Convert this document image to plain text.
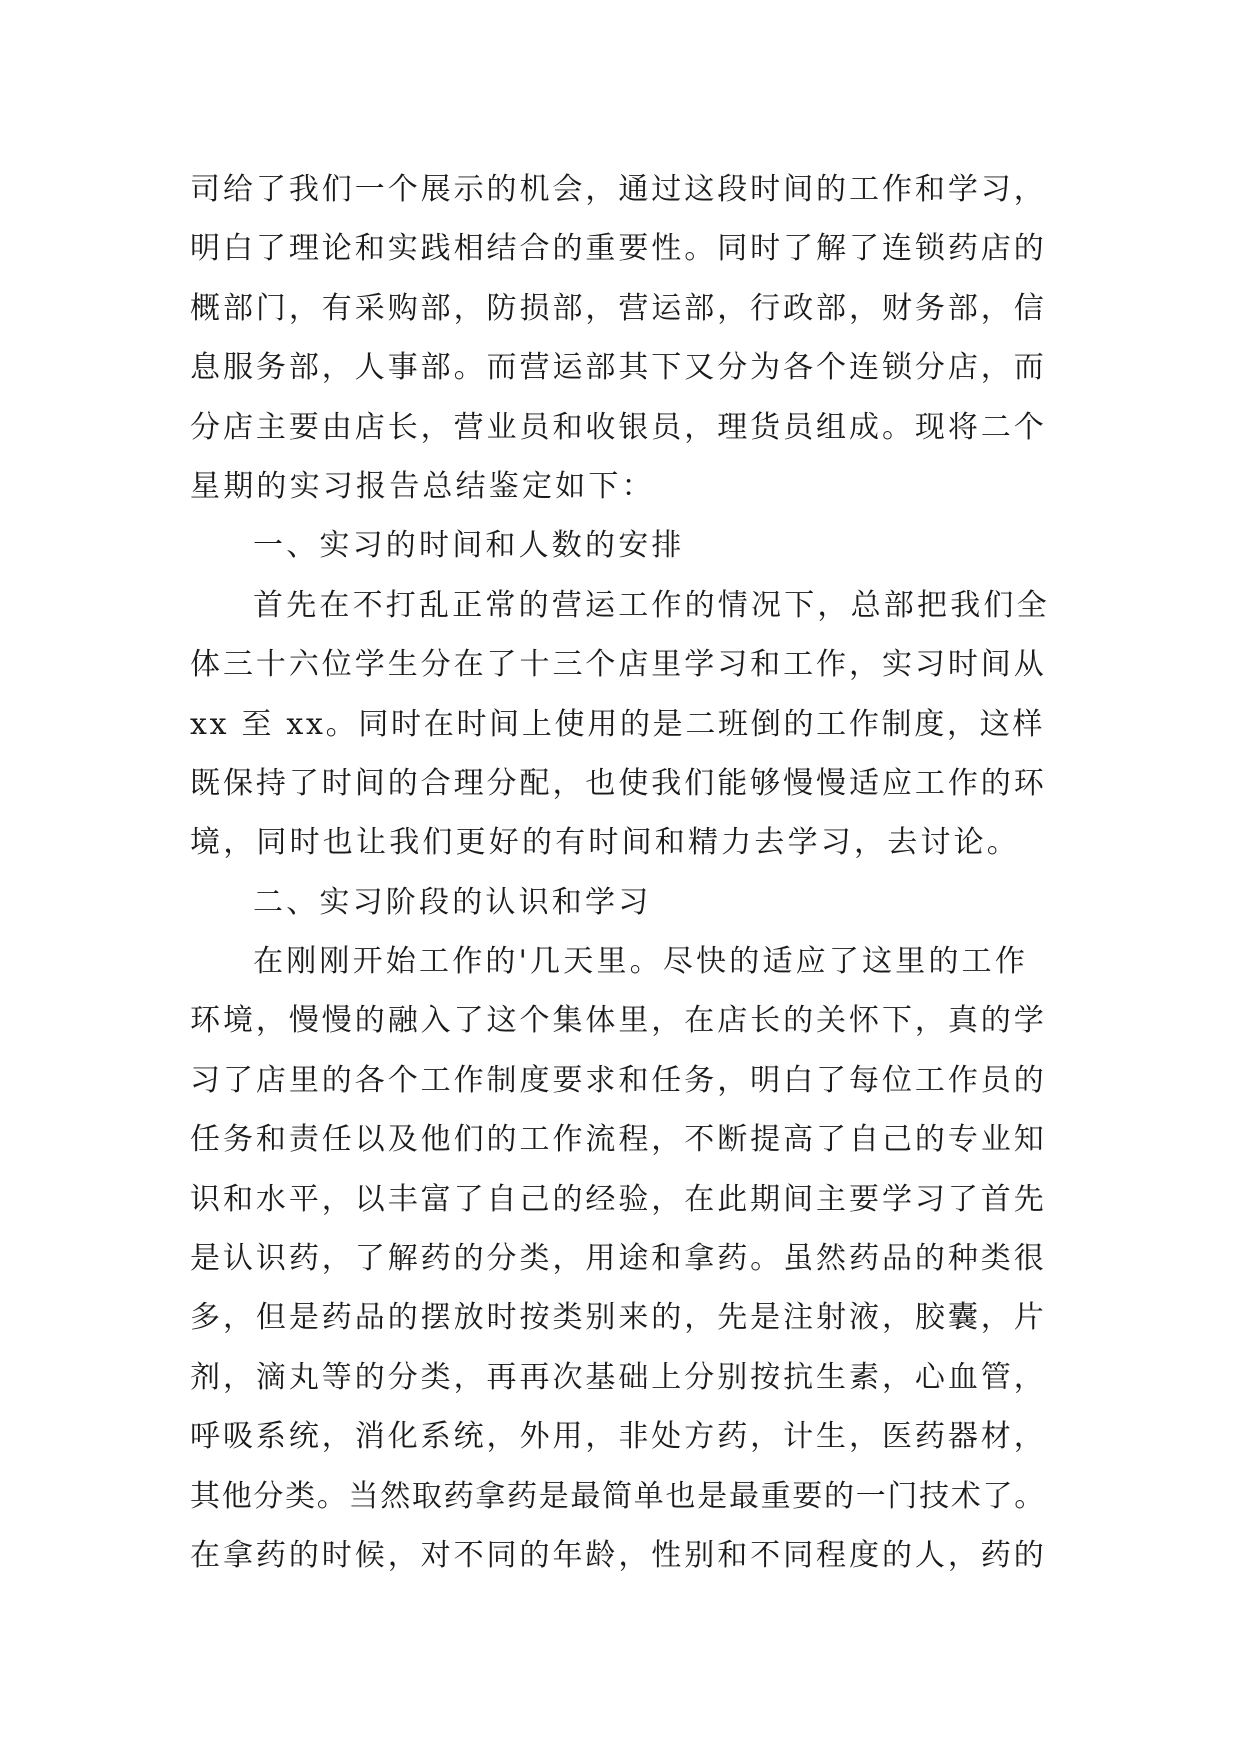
司给了我们一个展示的机会，通过这段时间的工作和学习，
明白了理论和实践相结合的重要性。同时了解了连锁药店的
概部门，有采购部，防损部，营运部，行政部，财务部，信
息服务部，人事部。而营运部其下又分为各个连锁分店，而
分店主要由店长，营业员和收银员，理货员组成。现将二个
星期的实习报告总结鉴定如下：
一、实习的时间和人数的安排
首先在不打乱正常的营运工作的情况下，总部把我们全
体三十六位学生分在了十三个店里学习和工作，实习时间从
xx 至 xx。同时在时间上使用的是二班倒的工作制度，这样
既保持了时间的合理分配，也使我们能够慢慢适应工作的环
境，同时也让我们更好的有时间和精力去学习，去讨论。
二、实习阶段的认识和学习
在刚刚开始工作的'几天里。尽快的适应了这里的工作
环境，慢慢的融入了这个集体里，在店长的关怀下，真的学
习了店里的各个工作制度要求和任务，明白了每位工作员的
任务和责任以及他们的工作流程，不断提高了自己的专业知
识和水平，以丰富了自己的经验，在此期间主要学习了首先
是认识药，了解药的分类，用途和拿药。虽然药品的种类很
多，但是药品的摆放时按类别来的，先是注射液，胶囊，片
剂，滴丸等的分类，再再次基础上分别按抗生素，心血管，
呼吸系统，消化系统，外用，非处方药，计生，医药器材，
其他分类。当然取药拿药是最简单也是最重要的一门技术了。
在拿药的时候，对不同的年龄，性别和不同程度的人，药的
